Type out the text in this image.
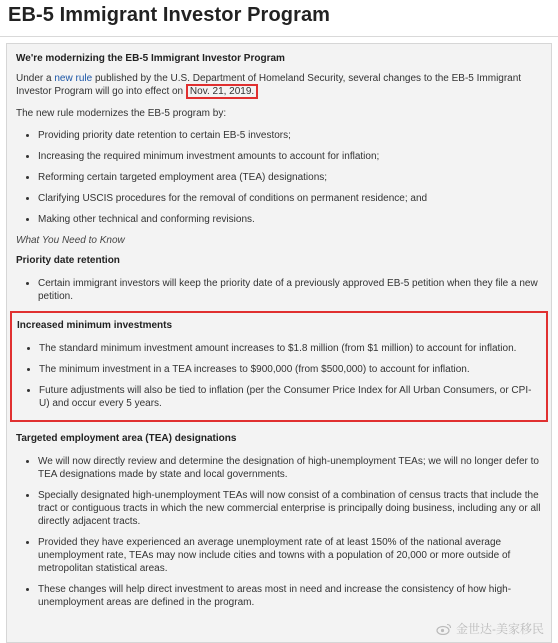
EB-5 Immigrant Investor Program
We're modernizing the EB-5 Immigrant Investor Program

Under a new rule published by the U.S. Department of Homeland Security, several changes to the EB-5 Immigrant Investor Program will go into effect on Nov. 21, 2019.

The new rule modernizes the EB-5 program by:

• Providing priority date retention to certain EB-5 investors;
• Increasing the required minimum investment amounts to account for inflation;
• Reforming certain targeted employment area (TEA) designations;
• Clarifying USCIS procedures for the removal of conditions on permanent residence; and
• Making other technical and conforming revisions.

What You Need to Know

Priority date retention
• Certain immigrant investors will keep the priority date of a previously approved EB-5 petition when they file a new petition.
Increased minimum investments
• The standard minimum investment amount increases to $1.8 million (from $1 million) to account for inflation.
• The minimum investment in a TEA increases to $900,000 (from $500,000) to account for inflation.
• Future adjustments will also be tied to inflation (per the Consumer Price Index for All Urban Consumers, or CPI-U) and occur every 5 years.
Targeted employment area (TEA) designations
• We will now directly review and determine the designation of high-unemployment TEAs; we will no longer defer to TEA designations made by state and local governments.
• Specially designated high-unemployment TEAs will now consist of a combination of census tracts that include the tract or contiguous tracts in which the new commercial enterprise is principally doing business, including any or all directly adjacent tracts.
• Provided they have experienced an average unemployment rate of at least 150% of the national average unemployment rate, TEAs may now include cities and towns with a population of 20,000 or more outside of metropolitan statistical areas.
• These changes will help direct investment to areas most in need and increase the consistency of how high-unemployment areas are defined in the program.
金世达-美家移民
